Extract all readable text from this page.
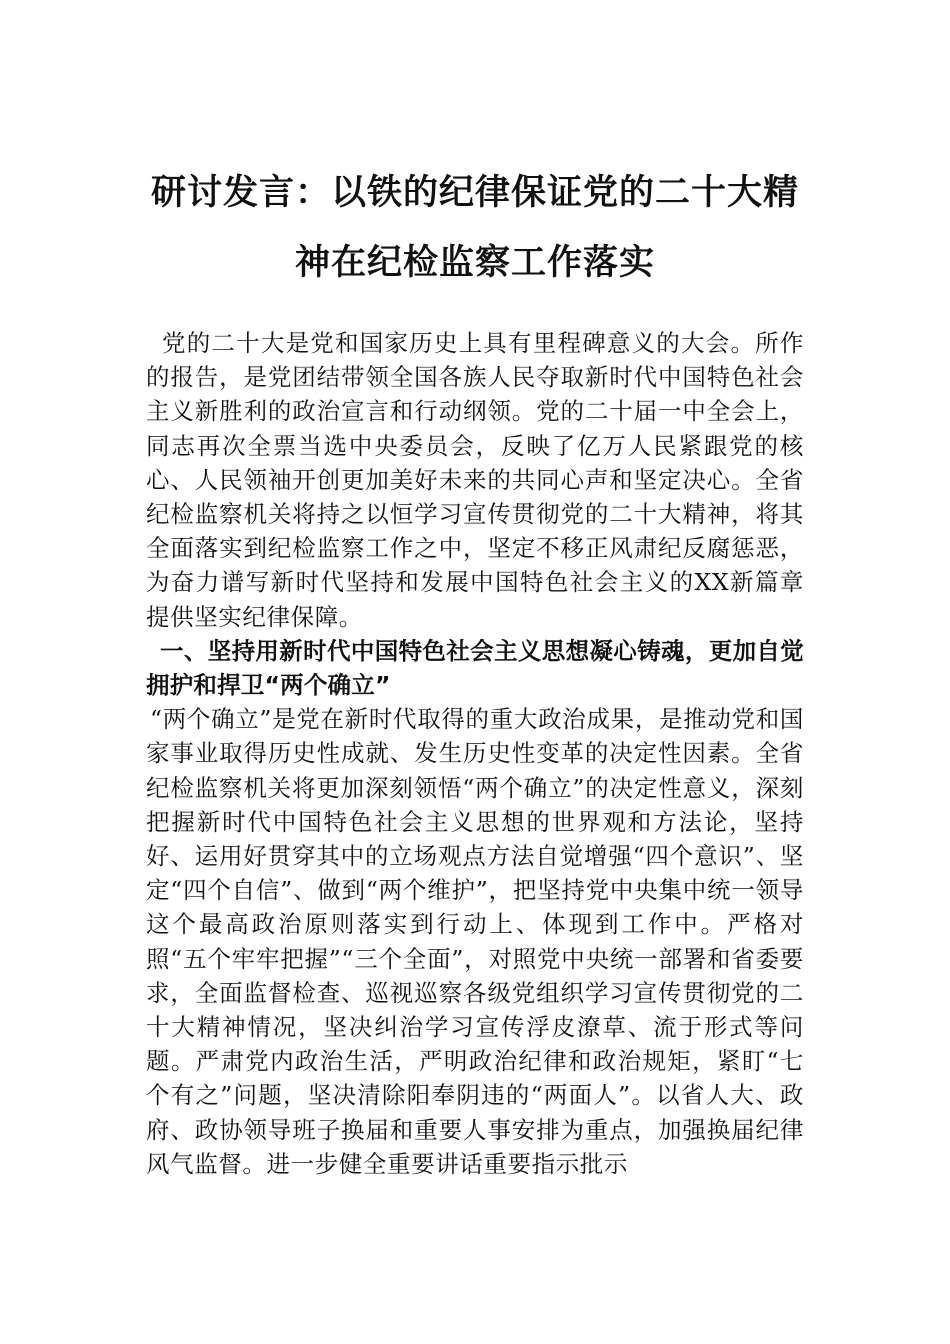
研讨发言：以铁的纪律保证党的二十大精
神在纪检监察工作落实

党的二十大是党和国家历史上具有里程碑意义的大会。所作的报告，是党团结带领全国各族人民夺取新时代中国特色社会主义新胜利的政治宣言和行动纲领。党的二十届一中全会上，同志再次全票当选中央委员会，反映了亿万人民紧跟党的核心、人民领袖开创更加美好未来的共同心声和坚定决心。全省纪检监察机关将持之以恒学习宣传贯彻党的二十大精神，将其全面落实到纪检监察工作之中，坚定不移正风肃纪反腐惩恶，为奋力谱写新时代坚持和发展中国特色社会主义的XX新篇章提供坚实纪律保障。

一、坚持用新时代中国特色社会主义思想凝心铸魂，更加自觉拥护和捍卫“两个确立”

“两个确立”是党在新时代取得的重大政治成果，是推动党和国家事业取得历史性成就、发生历史性变革的决定性因素。全省纪检监察机关将更加深刻领悟“两个确立”的决定性意义，深刻把握新时代中国特色社会主义思想的世界观和方法论，坚持好、运用好贯穿其中的立场观点方法自觉增强“四个意识”、坚定“四个自信”、做到“两个维护”，把坚持党中央集中统一领导这个最高政治原则落实到行动上、体现到工作中。严格对照“五个牢牢把握”“三个全面”，对照党中央统一部署和省委要求，全面监督检查、巡视巡察各级党组织学习宣传贯彻党的二十大精神情况，坚决纠治学习宣传浮皮潦草、流于形式等问题。严肃党内政治生活，严明政治纪律和政治规矩，紧盯“七个有之”问题，坚决清除阳奉阴违的“两面人”。以省人大、政府、政协领导班子换届和重要人事安排为重点，加强换届纪律风气监督。进一步健全重要讲话重要指示批示
